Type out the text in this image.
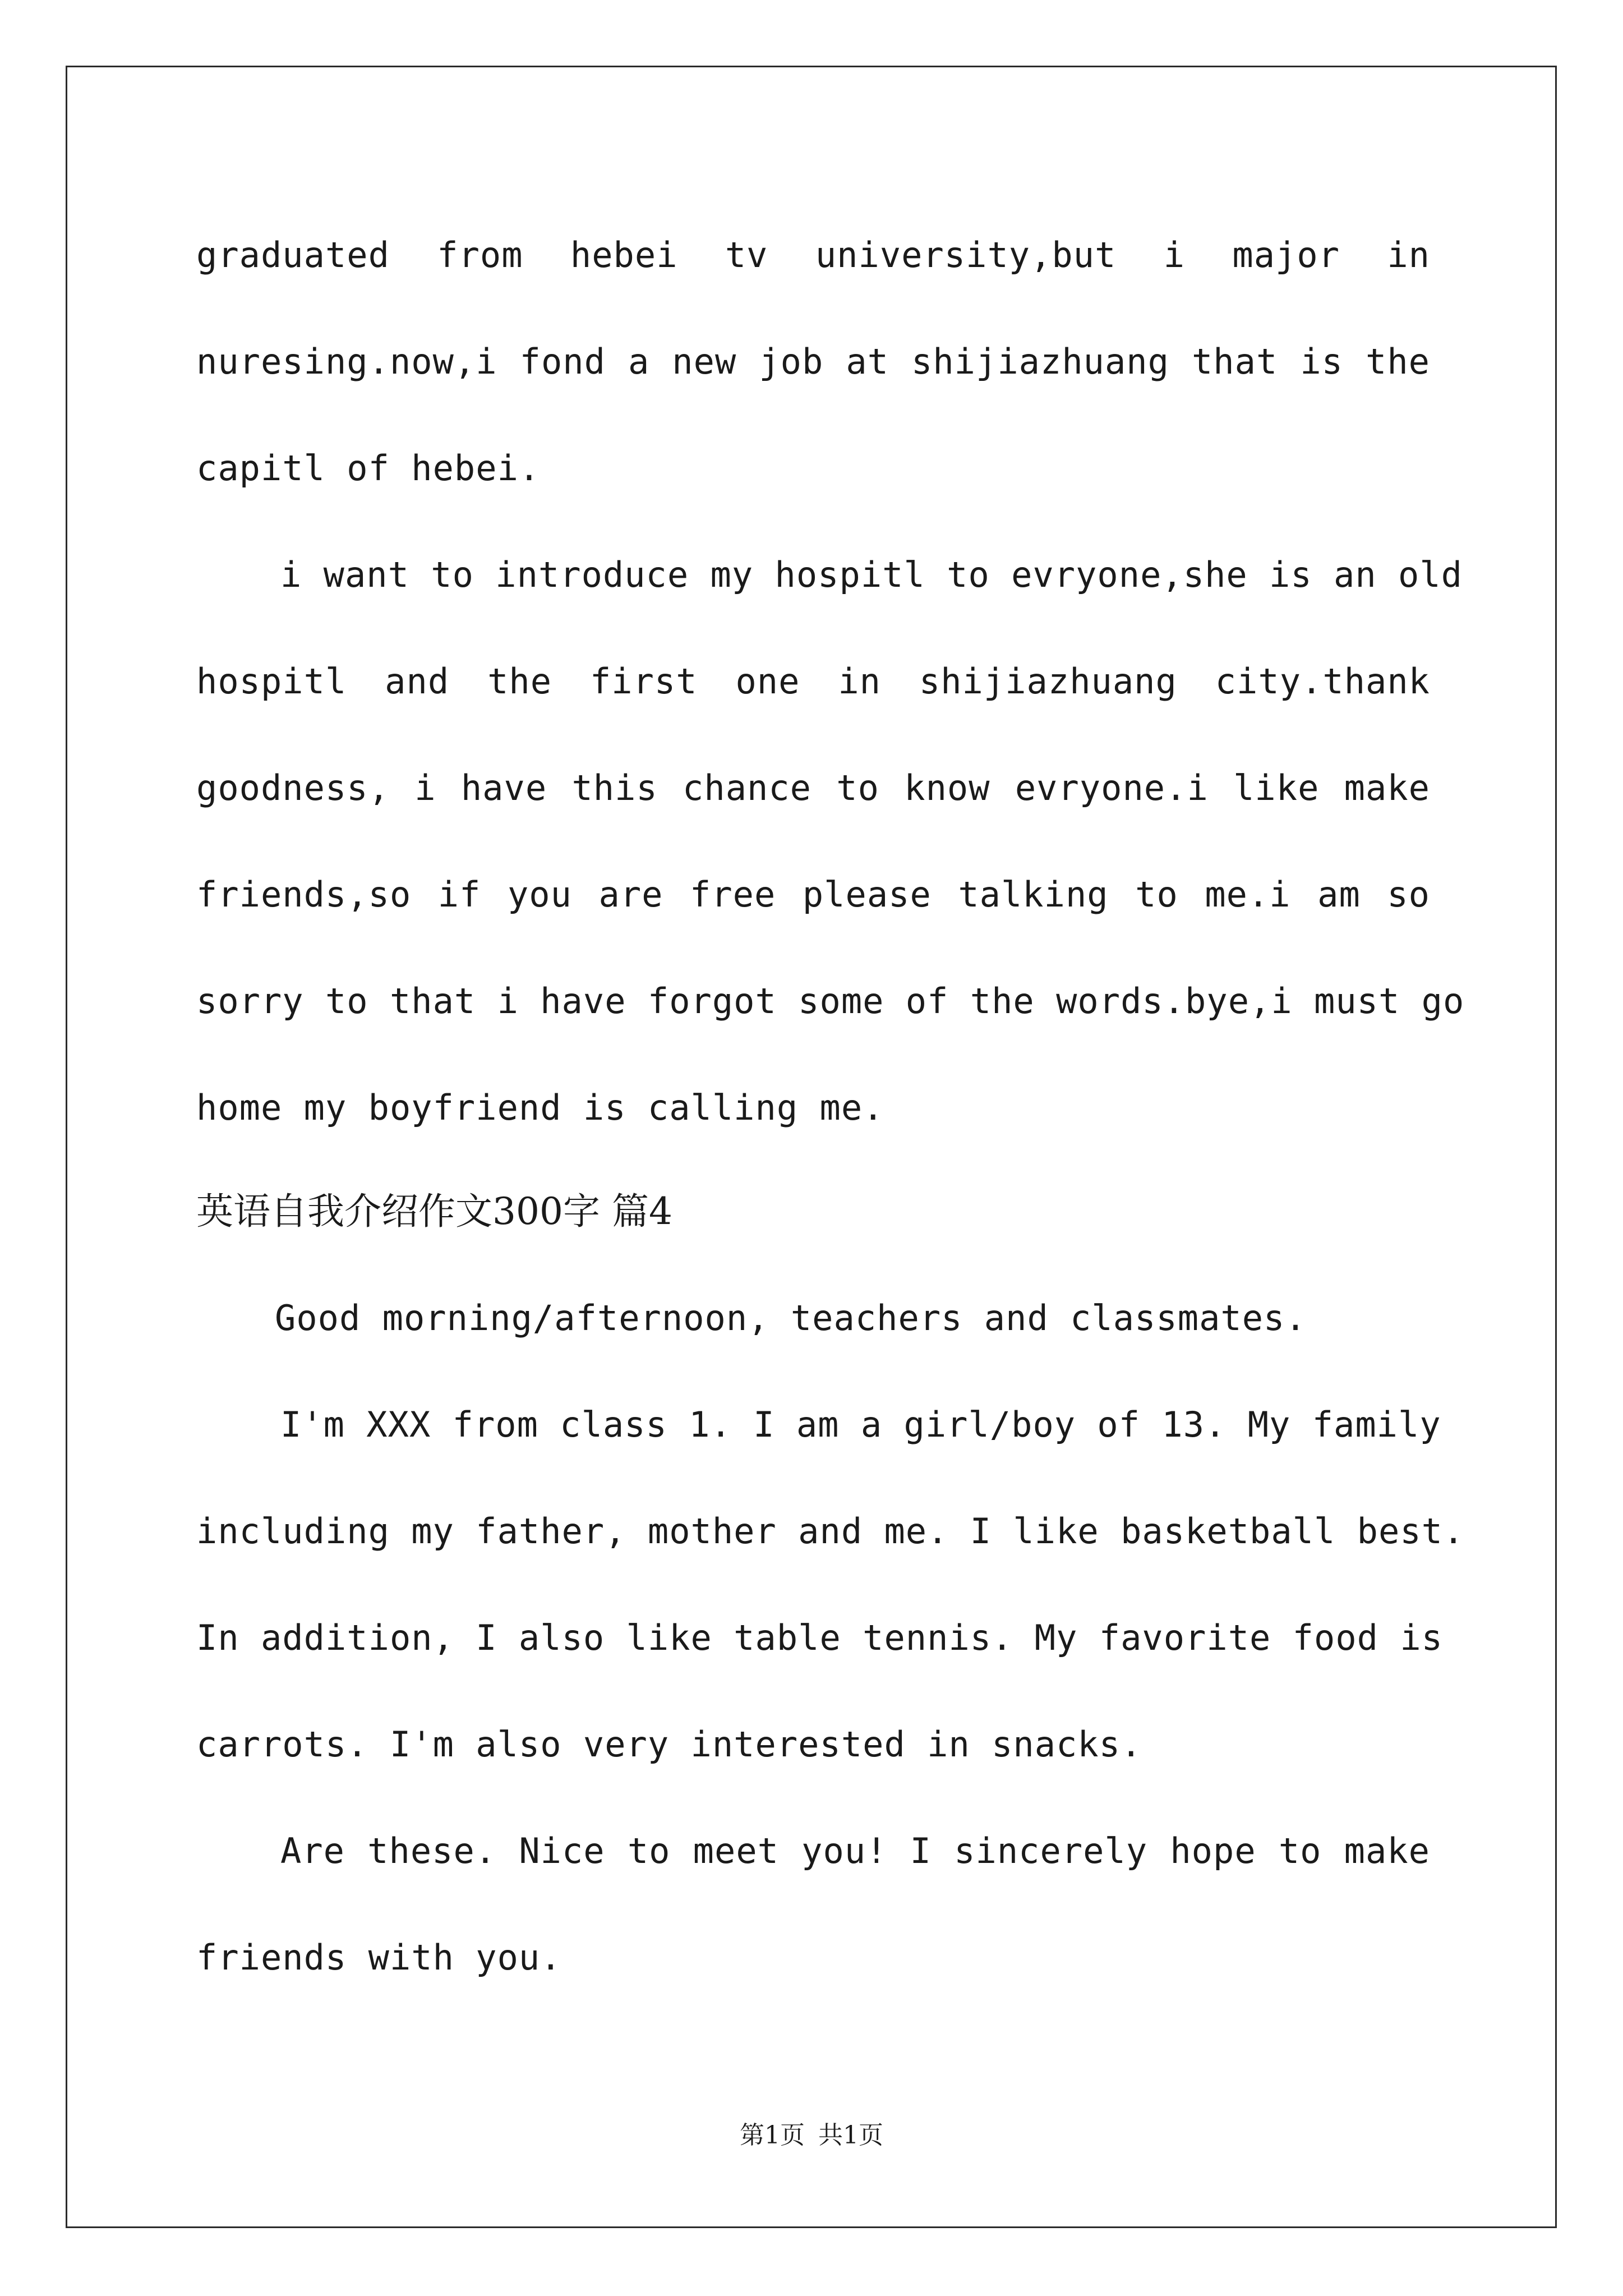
graduated from hebei tv university,but i major in
nuresing.now,i fond a new job at shijiazhuang that is the
capitl of hebei.
i want to introduce my hospitl to evryone,she is an old
hospitl and the first one in shijiazhuang city.thank
goodness, i have this chance to know evryone.i like make
friends,so if you are free please talking to me.i am so
sorry to that i have forgot some of the words.bye,i must go
home my boyfriend is calling me.
英语自我介绍作文300字 篇4
Good morning/afternoon, teachers and classmates.
I'm XXX from class 1. I am a girl/boy of 13. My family
including my father, mother and me. I like basketball best.
In addition, I also like table tennis. My favorite food is
carrots. I'm also very interested in snacks.
Are these. Nice to meet you! I sincerely hope to make
friends with you.
第1页 共1页
